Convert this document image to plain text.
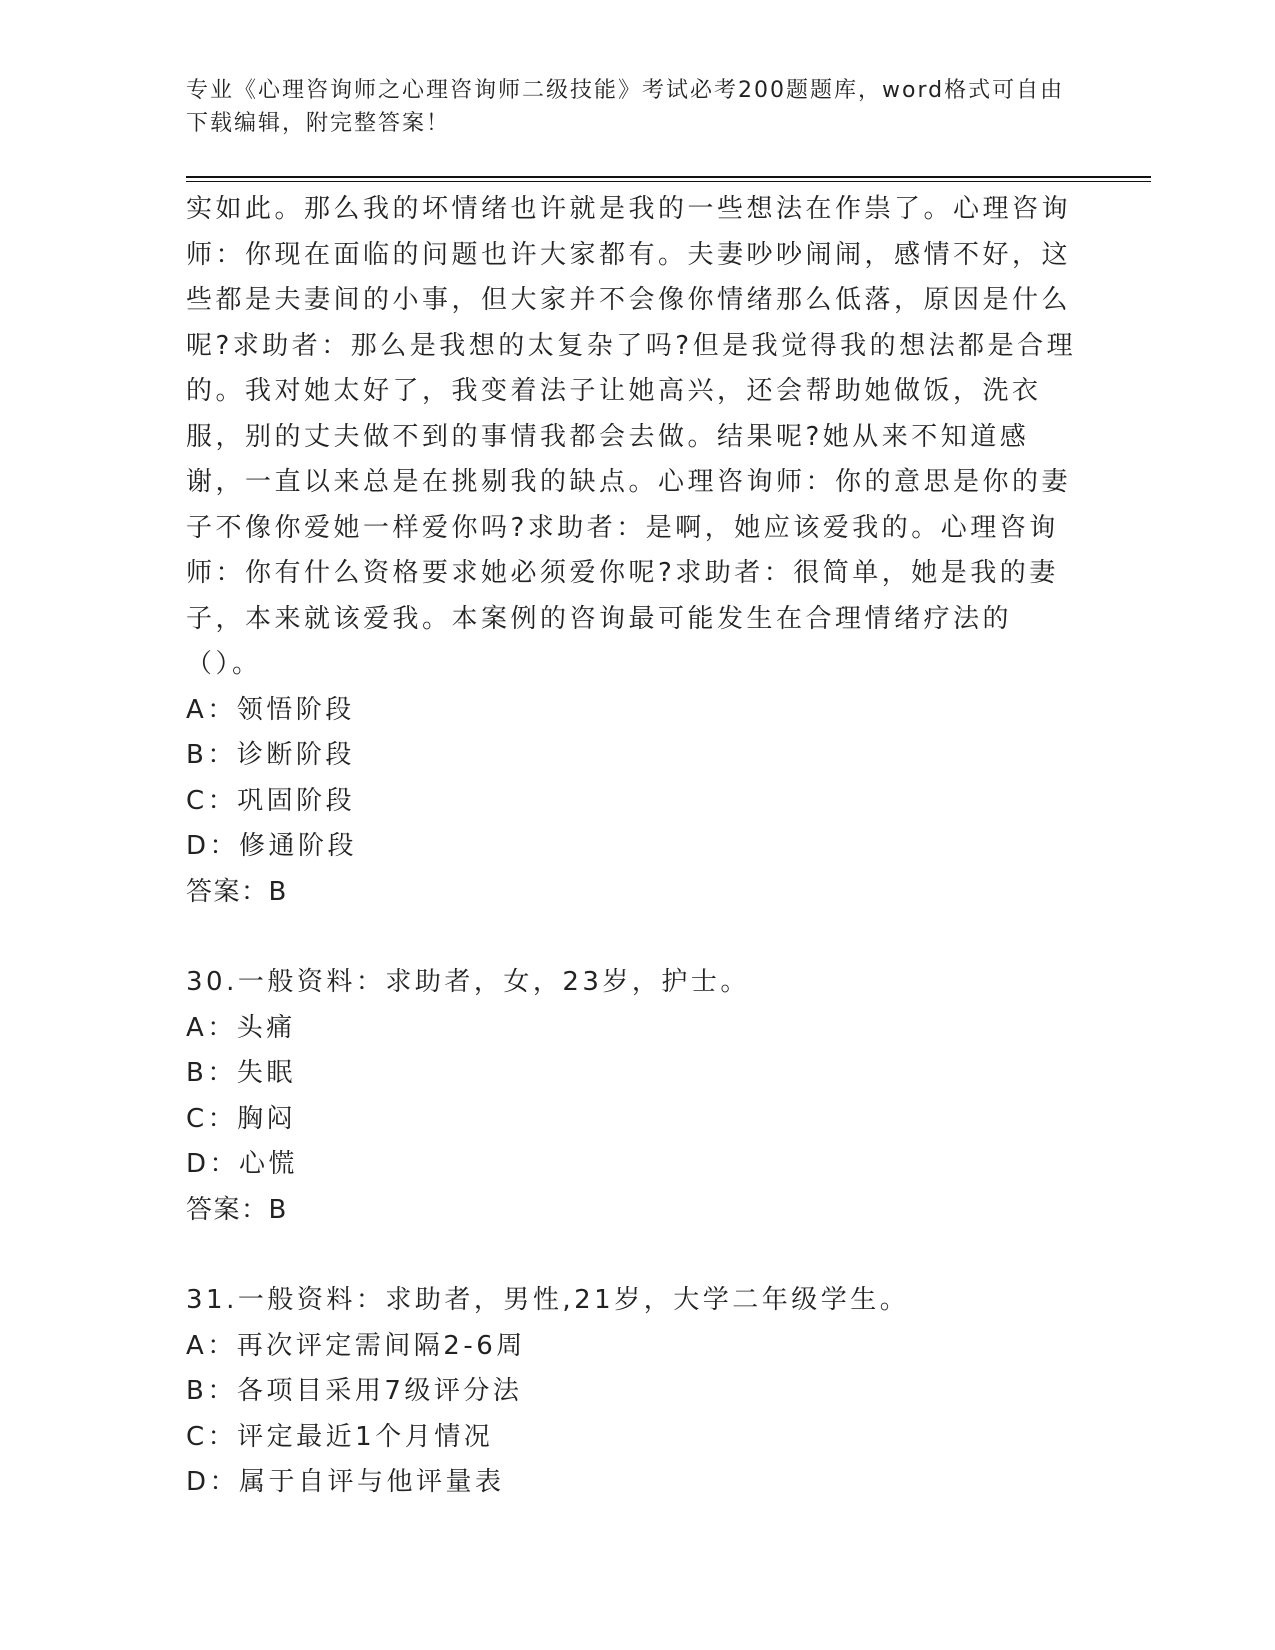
专业《心理咨询师之心理咨询师二级技能》考试必考200题题库，word格式可自由下载编辑，附完整答案！

实如此。那么我的坏情绪也许就是我的一些想法在作祟了。心理咨询师：你现在面临的问题也许大家都有。夫妻吵吵闹闹，感情不好，这些都是夫妻间的小事，但大家并不会像你情绪那么低落，原因是什么呢?求助者：那么是我想的太复杂了吗?但是我觉得我的想法都是合理的。我对她太好了，我变着法子让她高兴，还会帮助她做饭，洗衣服，别的丈夫做不到的事情我都会去做。结果呢?她从来不知道感谢，一直以来总是在挑剔我的缺点。心理咨询师：你的意思是你的妻子不像你爱她一样爱你吗?求助者：是啊，她应该爱我的。心理咨询师：你有什么资格要求她必须爱你呢?求助者：很简单，她是我的妻子，本来就该爱我。本案例的咨询最可能发生在合理情绪疗法的（）。

A：领悟阶段

B：诊断阶段

C：巩固阶段

D：修通阶段

答案：B

30.一般资料：求助者，女，23岁，护士。

A：头痛

B：失眠

C：胸闷

D：心慌

答案：B

31.一般资料：求助者，男性,21岁，大学二年级学生。

A：再次评定需间隔2-6周

B：各项目采用7级评分法

C：评定最近1个月情况

D：属于自评与他评量表
